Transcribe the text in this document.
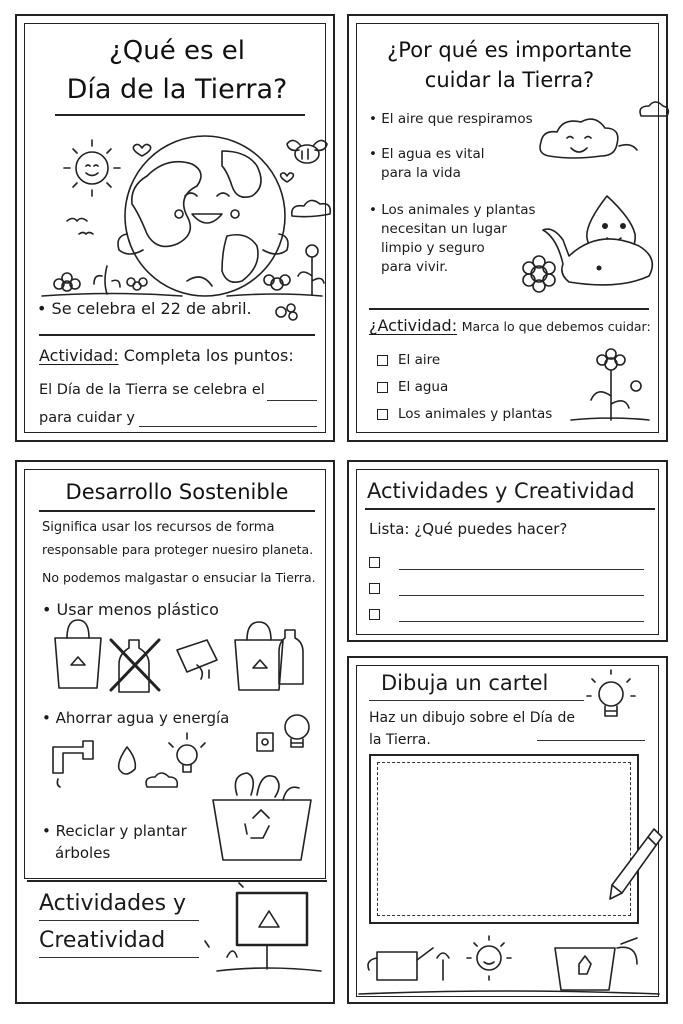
¿Qué es el
Día de la Tierra?
• Se celebra el 22 de abril.
Actividad: Completa los puntos:
El Día de la Tierra se celebra el
para cuidar y
¿Por qué es importante
cuidar la Tierra?
• El aire que respiramos
• El agua es vital
para la vida
• Los animales y plantas
necesitan un lugar
limpio y seguro
para vivir.
¿Actividad: Marca lo que debemos cuidar:
El aire
El agua
Los animales y plantas
Desarrollo Sostenible
Significa usar los recursos de forma
responsable para proteger nuesiro planeta.
No podemos malgastar o ensuciar la Tierra.
• Usar menos plástico
• Ahorrar agua y energía
• Reciclar y plantar
árboles
Actividades y
Creatividad
Actividades y Creatividad
Lista: ¿Qué puedes hacer?
Dibuja un cartel
Haz un dibujo sobre el Día de
la Tierra.
